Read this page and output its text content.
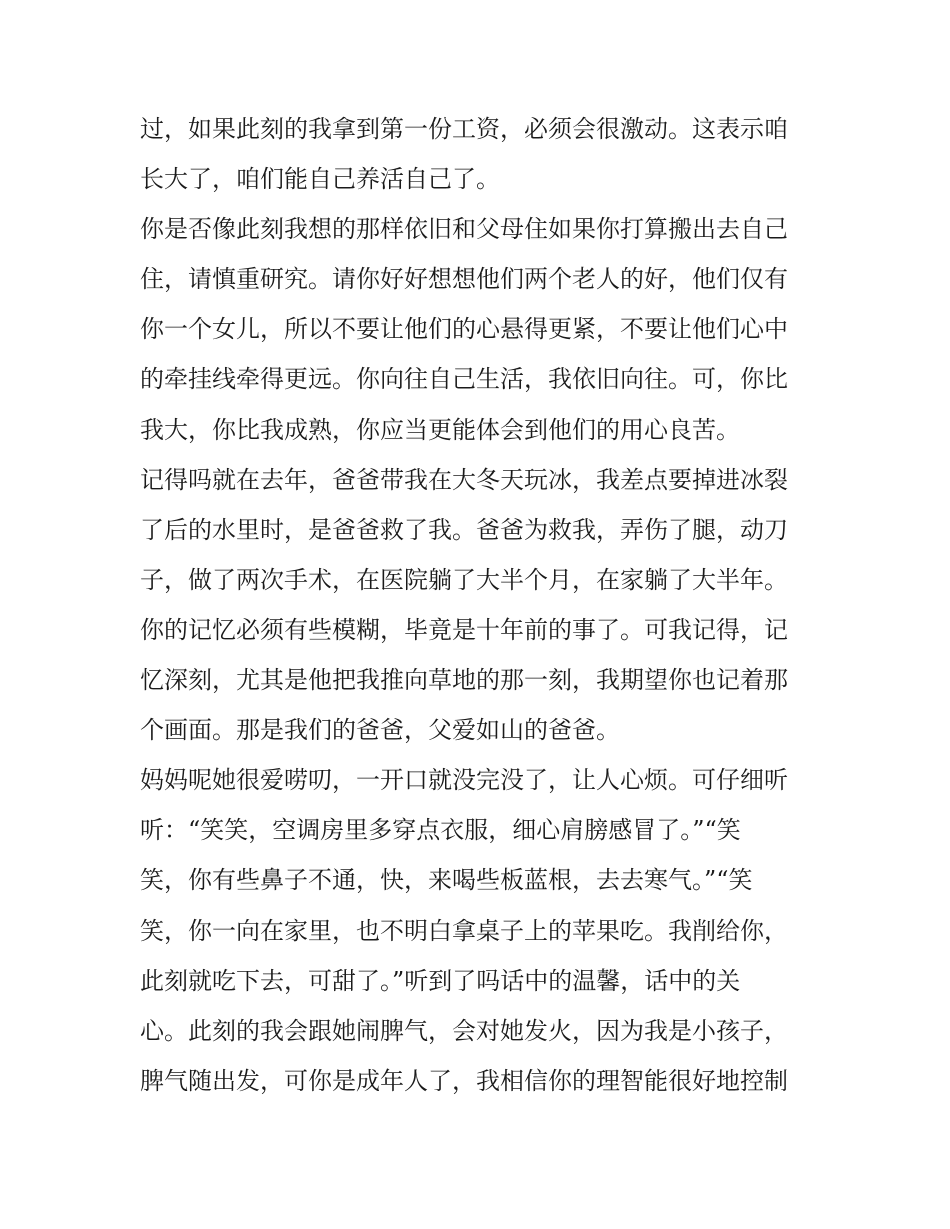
过，如果此刻的我拿到第一份工资，必须会很激动。这表示咱
长大了，咱们能自己养活自己了。
你是否像此刻我想的那样依旧和父母住如果你打算搬出去自己
住，请慎重研究。请你好好想想他们两个老人的好，他们仅有
你一个女儿，所以不要让他们的心悬得更紧，不要让他们心中
的牵挂线牵得更远。你向往自己生活，我依旧向往。可，你比
我大，你比我成熟，你应当更能体会到他们的用心良苦。
记得吗就在去年，爸爸带我在大冬天玩冰，我差点要掉进冰裂
了后的水里时，是爸爸救了我。爸爸为救我，弄伤了腿，动刀
子，做了两次手术，在医院躺了大半个月，在家躺了大半年。
你的记忆必须有些模糊，毕竟是十年前的事了。可我记得，记
忆深刻，尤其是他把我推向草地的那一刻，我期望你也记着那
个画面。那是我们的爸爸，父爱如山的爸爸。
妈妈呢她很爱唠叨，一开口就没完没了，让人心烦。可仔细听
听：“笑笑，空调房里多穿点衣服，细心肩膀感冒了。”“笑
笑，你有些鼻子不通，快，来喝些板蓝根，去去寒气。”“笑
笑，你一向在家里，也不明白拿桌子上的苹果吃。我削给你，
此刻就吃下去，可甜了。”听到了吗话中的温馨，话中的关
心。此刻的我会跟她闹脾气，会对她发火，因为我是小孩子，
脾气随出发，可你是成年人了，我相信你的理智能很好地控制
